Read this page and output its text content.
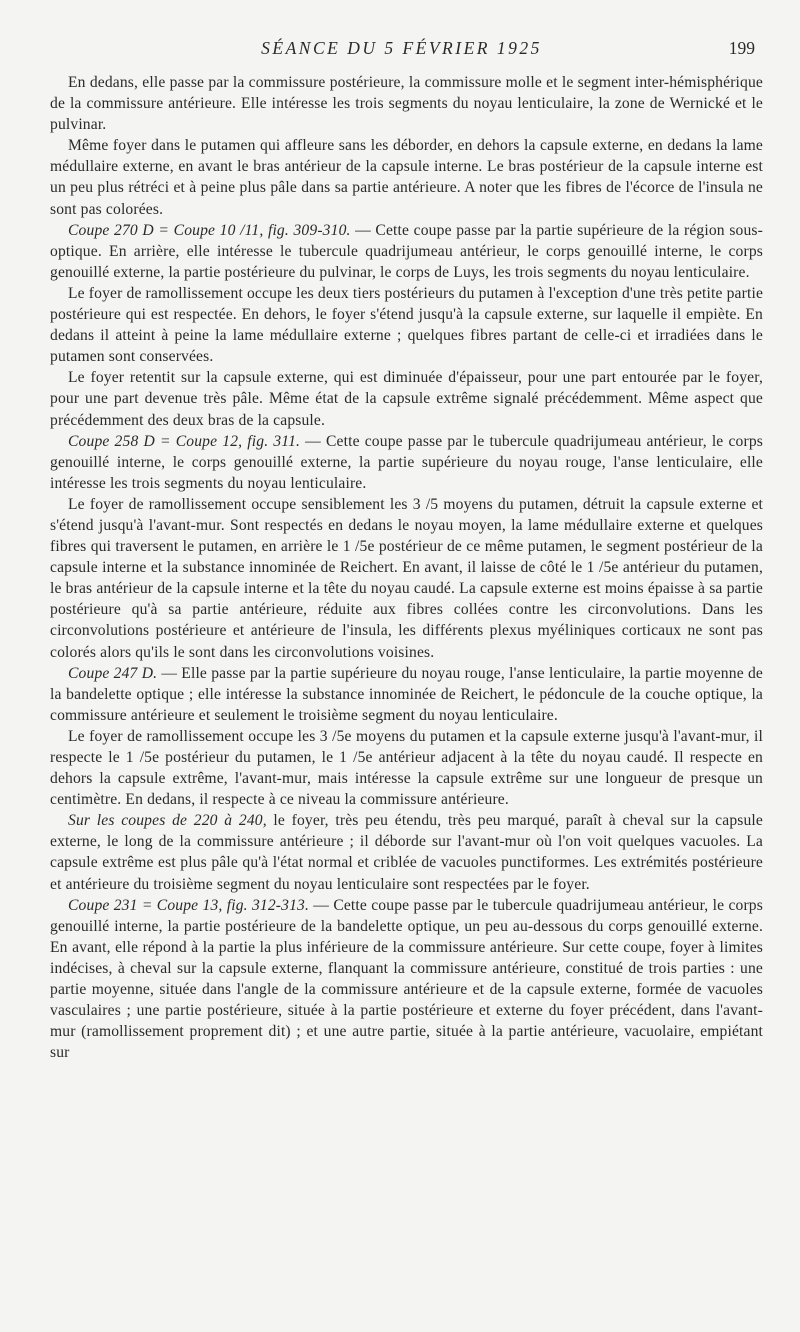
SÉANCE DU 5 FÉVRIER 1925	199

En dedans, elle passe par la commissure postérieure, la commissure molle et le segment inter-hémisphérique de la commissure antérieure. Elle intéresse les trois segments du noyau lenticulaire, la zone de Wernické et le pulvinar.

Même foyer dans le putamen qui affleure sans les déborder, en dehors la capsule externe, en dedans la lame médullaire externe, en avant le bras antérieur de la capsule interne. Le bras postérieur de la capsule interne est un peu plus rétréci et à peine plus pâle dans sa partie antérieure. A noter que les fibres de l'écorce de l'insula ne sont pas colorées.

Coupe 270 D = Coupe 10 /11, fig. 309-310. — Cette coupe passe par la partie supérieure de la région sous-optique. En arrière, elle intéresse le tubercule quadrijumeau antérieur, le corps genouillé interne, le corps genouillé externe, la partie postérieure du pulvinar, le corps de Luys, les trois segments du noyau lenticulaire.

Le foyer de ramollissement occupe les deux tiers postérieurs du putamen à l'exception d'une très petite partie postérieure qui est respectée. En dehors, le foyer s'étend jusqu'à la capsule externe, sur laquelle il empiète. En dedans il atteint à peine la lame médullaire externe ; quelques fibres partant de celle-ci et irradiées dans le putamen sont conservées.

Le foyer retentit sur la capsule externe, qui est diminuée d'épaisseur, pour une part entourée par le foyer, pour une part devenue très pâle. Même état de la capsule extrême signalé précédemment. Même aspect que précédemment des deux bras de la capsule.

Coupe 258 D = Coupe 12, fig. 311. — Cette coupe passe par le tubercule quadrijumeau antérieur, le corps genouillé interne, le corps genouillé externe, la partie supérieure du noyau rouge, l'anse lenticulaire, elle intéresse les trois segments du noyau lenticulaire.

Le foyer de ramollissement occupe sensiblement les 3 /5 moyens du putamen, détruit la capsule externe et s'étend jusqu'à l'avant-mur. Sont respectés en dedans le noyau moyen, la lame médullaire externe et quelques fibres qui traversent le putamen, en arrière le 1 /5e postérieur de ce même putamen, le segment postérieur de la capsule interne et la substance innominée de Reichert. En avant, il laisse de côté le 1 /5e antérieur du putamen, le bras antérieur de la capsule interne et la tête du noyau caudé. La capsule externe est moins épaisse à sa partie postérieure qu'à sa partie antérieure, réduite aux fibres collées contre les circonvolutions. Dans les circonvolutions postérieure et antérieure de l'insula, les différents plexus myéliniques corticaux ne sont pas colorés alors qu'ils le sont dans les circonvolutions voisines.

Coupe 247 D. — Elle passe par la partie supérieure du noyau rouge, l'anse lenticulaire, la partie moyenne de la bandelette optique ; elle intéresse la substance innominée de Reichert, le pédoncule de la couche optique, la commissure antérieure et seulement le troisième segment du noyau lenticulaire.

Le foyer de ramollissement occupe les 3 /5e moyens du putamen et la capsule externe jusqu'à l'avant-mur, il respecte le 1 /5e postérieur du putamen, le 1 /5e antérieur adjacent à la tête du noyau caudé. Il respecte en dehors la capsule extrême, l'avant-mur, mais intéresse la capsule extrême sur une longueur de presque un centimètre. En dedans, il respecte à ce niveau la commissure antérieure.

Sur les coupes de 220 à 240, le foyer, très peu étendu, très peu marqué, paraît à cheval sur la capsule externe, le long de la commissure antérieure ; il déborde sur l'avant-mur où l'on voit quelques vacuoles. La capsule extrême est plus pâle qu'à l'état normal et criblée de vacuoles punctiformes. Les extrémités postérieure et antérieure du troisième segment du noyau lenticulaire sont respectées par le foyer.

Coupe 231 = Coupe 13, fig. 312-313. — Cette coupe passe par le tubercule quadrijumeau antérieur, le corps genouillé interne, la partie postérieure de la bandelette optique, un peu au-dessous du corps genouillé externe. En avant, elle répond à la partie la plus inférieure de la commissure antérieure. Sur cette coupe, foyer à limites indécises, à cheval sur la capsule externe, flanquant la commissure antérieure, constitué de trois parties : une partie moyenne, située dans l'angle de la commissure antérieure et de la capsule externe, formée de vacuoles vasculaires ; une partie postérieure, située à la partie postérieure et externe du foyer précédent, dans l'avant-mur (ramollissement proprement dit) ; et une autre partie, située à la partie antérieure, vacuolaire, empiétant sur
